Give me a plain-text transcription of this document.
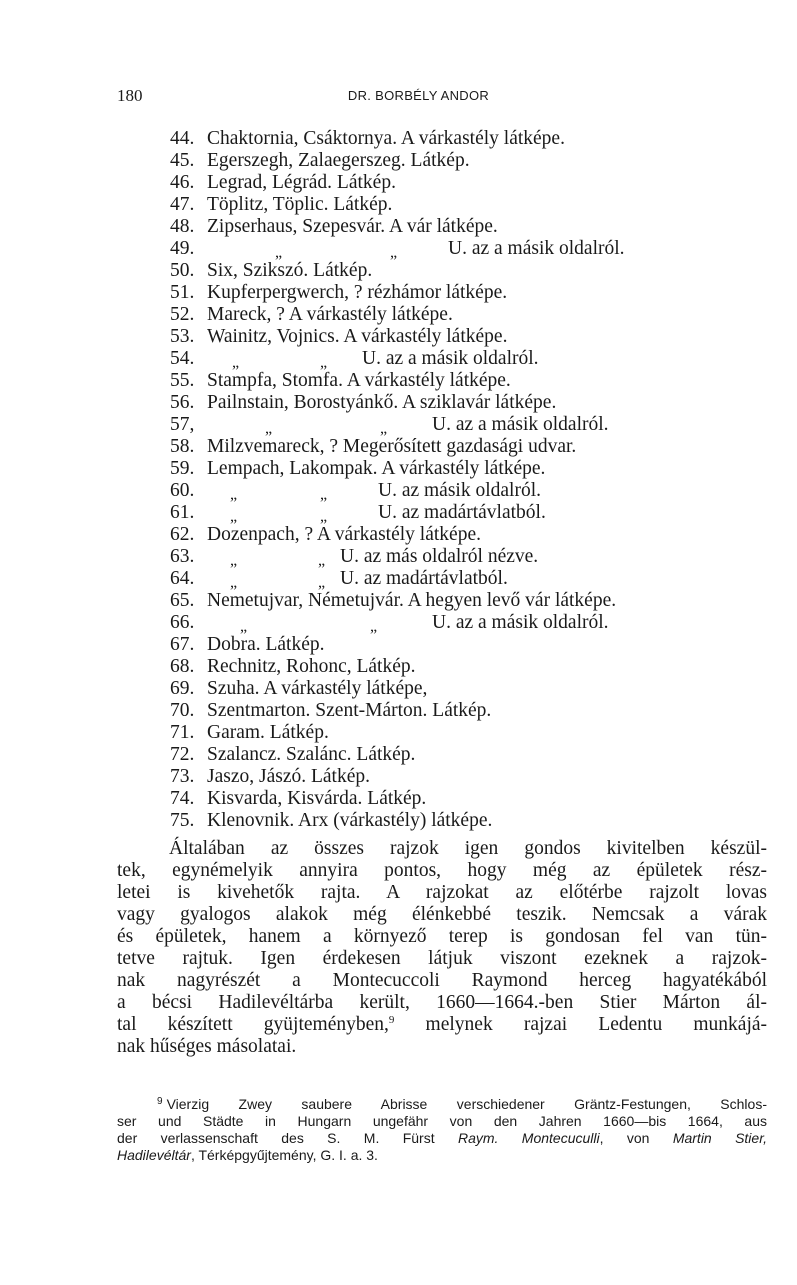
180	DR. BORBÉLY ANDOR
44. Chaktornia, Csáktornya. A várkastély látképe.
45. Egerszegh, Zalaegerszeg. Látkép.
46. Legrad, Légrád. Látkép.
47. Töplitz, Töplic. Látkép.
48. Zipserhaus, Szepesvár. A vár látképe.
49.	„	„	U. az a másik oldalról.
50. Six, Szikszó. Látkép.
51. Kupferpergwerch, ? rézhámor látképe.
52. Mareck, ? A várkastély látképe.
53. Wainitz, Vojnics. A várkastély látképe.
54.	„	„ U. az a másik oldalról.
55. Stampfa, Stomfa. A várkastély látképe.
56. Pailnstain, Borostyánkő. A sziklavár látképe.
57,	„	„ U. az a másik oldalról.
58. Milzvemareck, ? Megerősített gazdasági udvar.
59. Lempach, Lakompak. A várkastély látképe.
60.	„	„	U. az másik oldalról.
61.	„	„	U. az madártávlatból.
62. Dozenpach, ? A várkastély látképe.
63.	„	„ U. az más oldalról nézve.
64.	„	„ U. az madártávlatból.
65. Nemetujvar, Németujvár. A hegyen levő vár látképe.
66.	„	„	U. az a másik oldalról.
67. Dobra. Látkép.
68. Rechnitz, Rohonc, Látkép.
69. Szuha. A várkastély látképe,
70. Szentmarton. Szent-Márton. Látkép.
71. Garam. Látkép.
72. Szalancz. Szalánc. Látkép.
73. Jaszo, Jászó. Látkép.
74. Kisvarda, Kisvárda. Látkép.
75. Klenovnik. Arx (várkastély) látképe.
Általában az összes rajzok igen gondos kivitelben készül-
tek, egynémelyik annyira pontos, hogy még az épületek rész-
letei is kivehetők rajta. A rajzokat az előtérbe rajzolt lovas
vagy gyalogos alakok még élénkebbé teszik. Nemcsak a várak
és épületek, hanem a környező terep is gondosan fel van tün-
tetve rajtuk. Igen érdekesen látjuk viszont ezeknek a rajzok-
nak nagyrészét a Montecuccoli Raymond herceg hagyatékából
a bécsi Hadilevéltárba került, 1660—1664.-ben Stier Márton ál-
tal készített gyüjteményben,$^9$ melynek rajzai Ledentu munkájá-
nak hűséges másolatai.
$^9$ Vierzig Zwey saubere Abrisse verschiedener Gräntz-Festungen, Schlos-
ser und Städte in Hungarn ungefähr von den Jahren 1660—bis 1664, aus
der verlassenschaft des S. M. Fürst Raym. Montecuculli, von Martin Stier,
Hadilevéltár, Térképgyűjtemény, G. I. a. 3.
